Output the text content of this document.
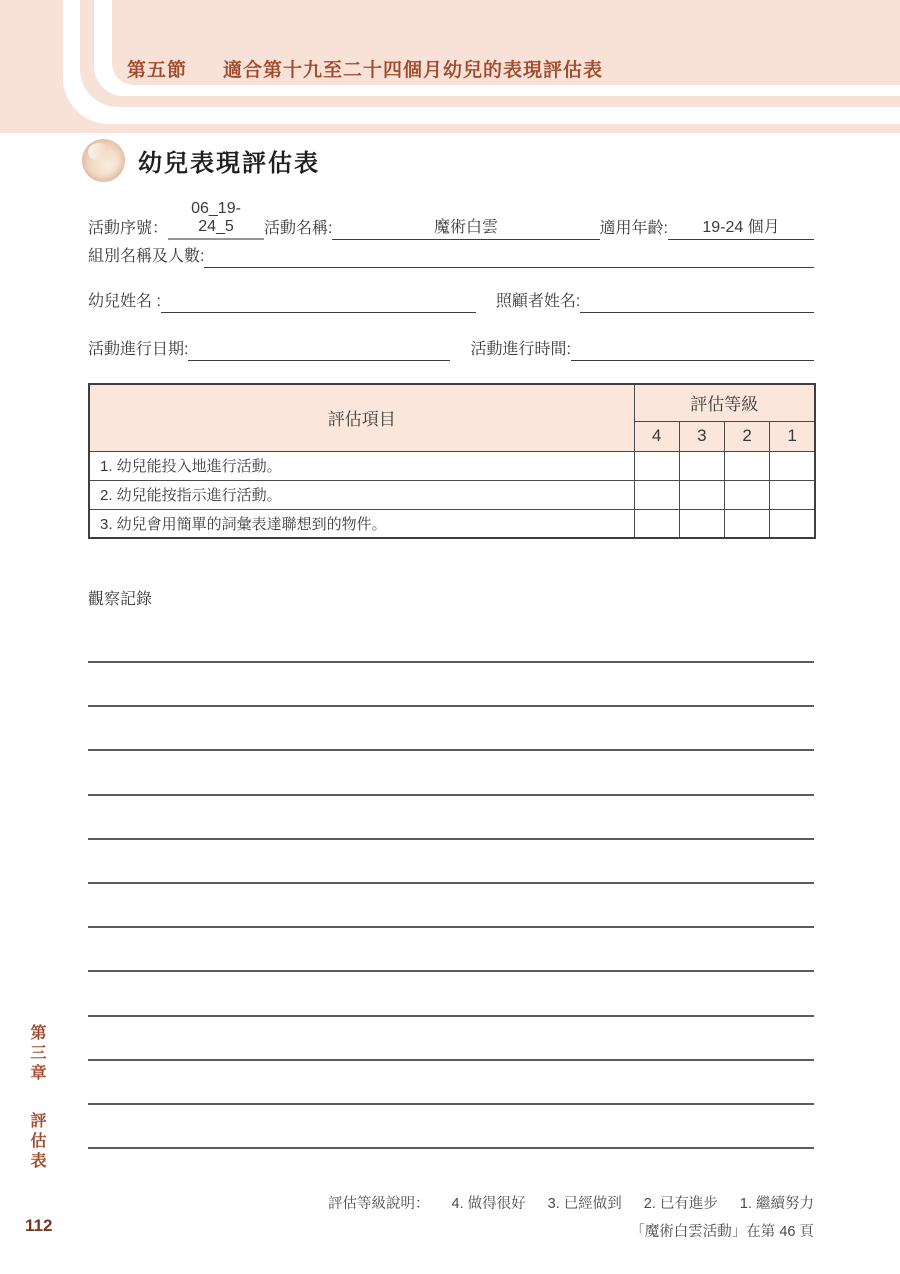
第五節 適合第十九至二十四個月幼兒的表現評估表
幼兒表現評估表
活動序號：
06_19-24_5	活動名稱:	魔術白雲	適用年齡:	19-24 個月
組別名稱及人數:
幼兒姓名 :	照顧者姓名:
活動進行日期:	活動進行時間:
評估項目	評估等級			
	4	3	2	1
1. 幼兒能投入地進行活動。				
2. 幼兒能按指示進行活動。				
3. 幼兒會用簡單的詞彙表達聯想到的物件。				
觀察記錄
評估等級說明： 4. 做得很好 3. 已經做到 2. 已有進步 1. 繼續努力
「魔術白雲活動」在第 46 頁
第三章 評估表
112
